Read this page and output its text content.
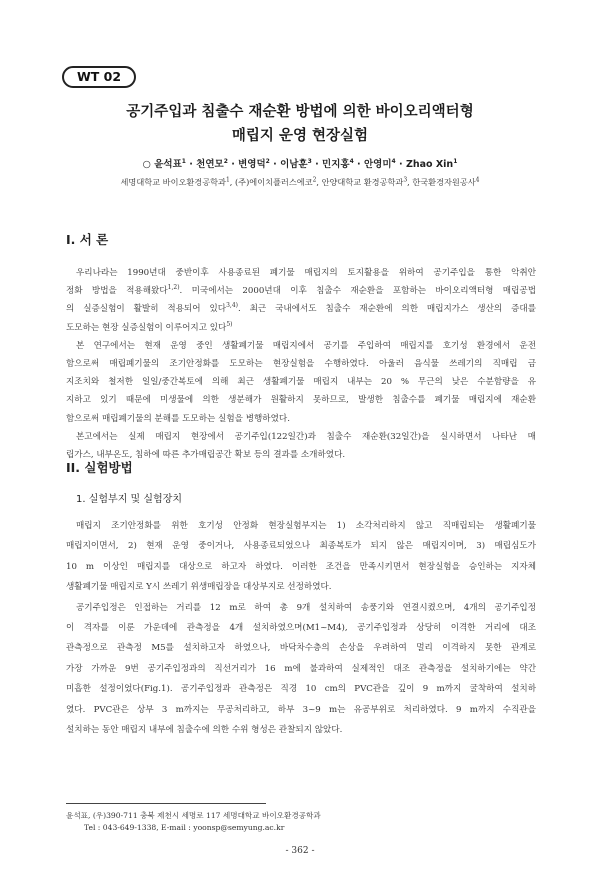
WT 02
공기주입과 침출수 재순환 방법에 의한 바이오리액터형
매립지 운영 현장실험
○ 윤석표$^1$ · 천연모$^2$ · 변영덕$^2$ · 이남훈$^3$ · 민지홍$^4$ · 안영미$^4$ · Zhao Xin$^1$
세명대학교 바이오환경공학과$^1$, (주)에이치플러스에코$^2$, 안양대학교 환경공학과$^3$, 한국환경자원공사$^4$
I. 서 론
우리나라는 1990년대 중반이후 사용종료된 폐기물 매립지의 토지활용을 위하여 공기주입을 통한 악취안
정화 방법을 적용해왔다$^{1,2)}$. 미국에서는 2000년대 이후 침출수 재순환을 포함하는 바이오리액터형 매립공법
의 실증실험이 활발히 적용되어 있다$^{3,4)}$. 최근 국내에서도 침출수 재순환에 의한 매립지가스 생산의 증대를
도모하는 현장 실증실험이 이루어지고 있다$^{5)}$
본 연구에서는 현재 운영 중인 생활폐기물 매립지에서 공기를 주입하여 매립지를 호기성 환경에서 운전
함으로써 매립폐기물의 조기안정화를 도모하는 현장실험을 수행하였다. 아울러 음식물 쓰레기의 직매립 금
지조치와 철저한 일일/중간복토에 의해 최근 생활폐기물 매립지 내부는 20 % 무근의 낮은 수분함량을 유
지하고 있기 때문에 미생물에 의한 생분해가 원활하지 못하므로, 발생한 침출수를 폐기물 매립지에 재순환
함으로써 매립폐기물의 분해를 도모하는 실험을 병행하였다.
본고에서는 실제 매립지 현장에서 공기주입(122일간)과 침출수 재순환(32일간)을 실시하면서 나타난 매
립가스, 내부온도, 침하에 따른 추가매립공간 확보 등의 결과를 소개하였다.
II. 실험방법
1. 실험부지 및 실험장치
매립지 조기안정화를 위한 호기성 안정화 현장실험부지는 1) 소각처리하지 않고 직매립되는 생활폐기물
매립지이면서, 2) 현재 운영 중이거나, 사용종료되었으나 최종복토가 되지 않은 매립지이며, 3) 매립심도가
10 m 이상인 매립지를 대상으로 하고자 하였다. 이러한 조건을 만족시키면서 현장실험을 승인하는 지자체
생활폐기물 매립지로 Y시 쓰레기 위생매립장을 대상부지로 선정하였다.
공기주입정은 인접하는 거리를 12 m로 하여 총 9개 설치하여 송풍기와 연결시켰으며, 4개의 공기주입정
이 격자를 이룬 가운데에 관측정을 4개 설치하였으며(M1~M4), 공기주입정과 상당히 이격한 거리에 대조
관측정으로 관측정 M5를 설치하고자 하였으나, 바닥차수층의 손상을 우려하여 멀리 이격하지 못한 관계로
가장 가까운 9번 공기주입정과의 직선거리가 16 m에 불과하여 실제적인 대조 관측정을 설치하기에는 약간
미흡한 설정이었다(Fig.1). 공기주입정과 관측정은 직경 10 cm의 PVC관을 깊이 9 m까지 굴착하여 설치하
였다. PVC관은 상부 3 m까지는 무공처리하고, 하부 3~9 m는 유공부위로 처리하였다. 9 m까지 수직관을
설치하는 동안 매립지 내부에 침출수에 의한 수위 형성은 관찰되지 않았다.
윤석표, (우)390-711 충북 제천시 세명로 117 세명대학교 바이오환경공학과
Tel : 043-649-1338, E-mail : yoonsp@semyung.ac.kr
- 362 -
